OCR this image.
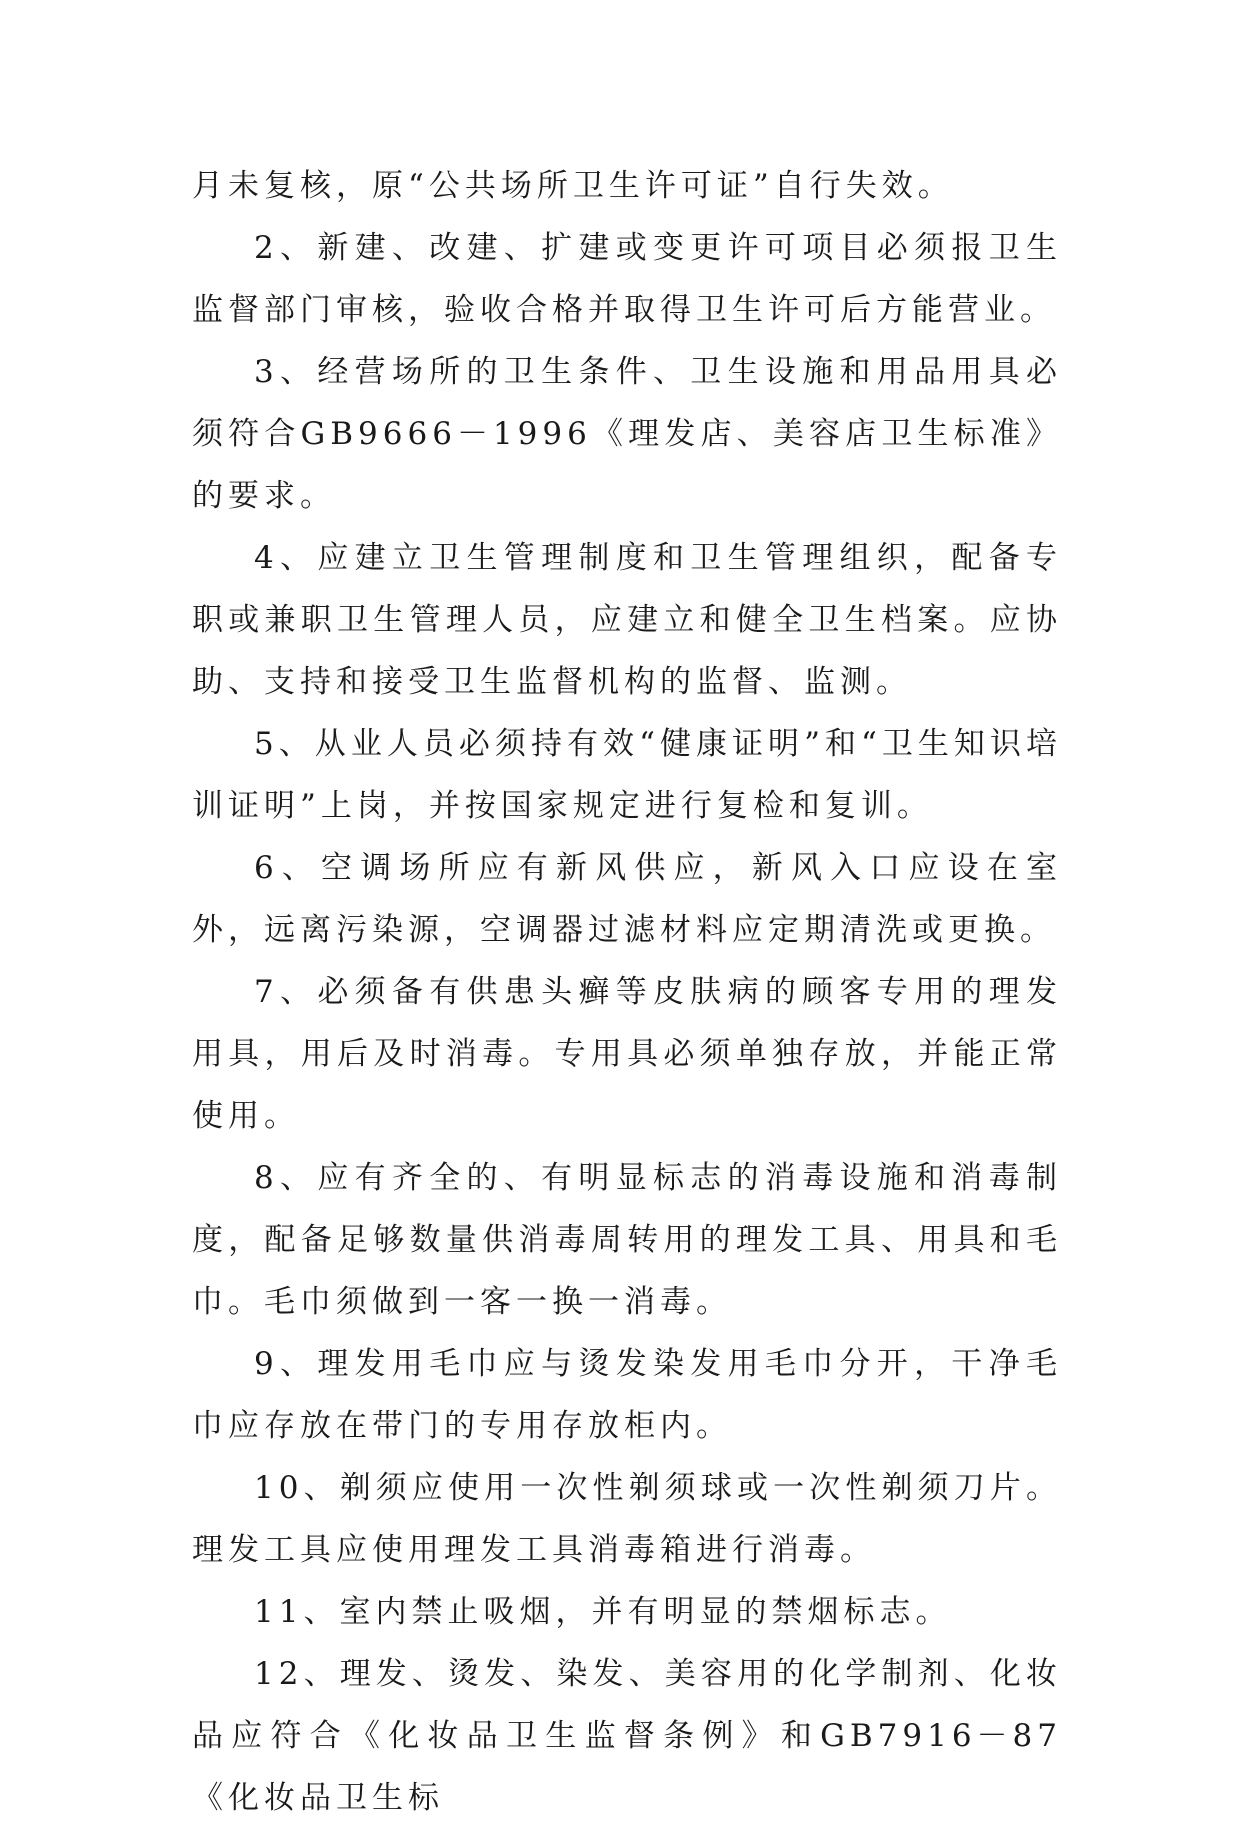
月未复核，原“公共场所卫生许可证”自行失效。

2、新建、改建、扩建或变更许可项目必须报卫生监督部门审核，验收合格并取得卫生许可后方能营业。

3、经营场所的卫生条件、卫生设施和用品用具必须符合GB9666－1996《理发店、美容店卫生标准》的要求。

4、应建立卫生管理制度和卫生管理组织，配备专职或兼职卫生管理人员，应建立和健全卫生档案。应协助、支持和接受卫生监督机构的监督、监测。

5、从业人员必须持有效“健康证明”和“卫生知识培训证明”上岗，并按国家规定进行复检和复训。

6、空调场所应有新风供应，新风入口应设在室外，远离污染源，空调器过滤材料应定期清洗或更换。

7、必须备有供患头癣等皮肤病的顾客专用的理发用具，用后及时消毒。专用具必须单独存放，并能正常使用。

8、应有齐全的、有明显标志的消毒设施和消毒制度，配备足够数量供消毒周转用的理发工具、用具和毛巾。毛巾须做到一客一换一消毒。

9、理发用毛巾应与烫发染发用毛巾分开，干净毛巾应存放在带门的专用存放柜内。

10、剃须应使用一次性剃须球或一次性剃须刀片。理发工具应使用理发工具消毒箱进行消毒。

11、室内禁止吸烟，并有明显的禁烟标志。

12、理发、烫发、染发、美容用的化学制剂、化妆品应符合《化妆品卫生监督条例》和GB7916－87《化妆品卫生标
